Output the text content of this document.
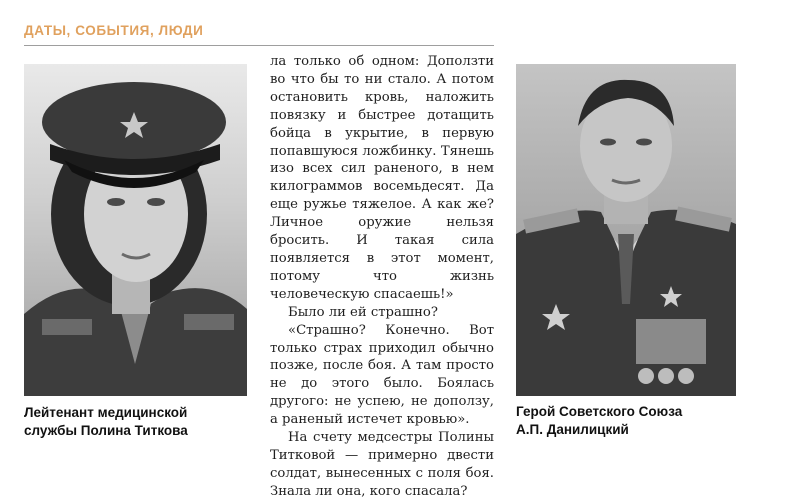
ДАТЫ, СОБЫТИЯ, ЛЮДИ
Лейтенант медицинской
службы Полина Титкова
Герой Советского Союза
А.П. Данилицкий

ла только об одном: Доползти во что бы то ни стало. А потом остановить кровь, наложить повязку и быстрее дотащить бойца в укрытие, в первую попавшуюся ложбинку. Тянешь изо всех сил раненого, в нем килограммов восемьдесят. Да еще ружье тяжелое. А как же? Личное оружие нельзя бросить. И такая сила появляется в этот момент, потому что жизнь человеческую спасаешь!»

Было ли ей страшно?

«Страшно? Конечно. Вот только страх приходил обычно позже, после боя. А там просто не до этого было. Боялась другого: не успею, не доползу, а раненый истечет кровью».

На счету медсестры Полины Титковой — примерно двести солдат, вынесенных с поля боя. Знала ли она, кого спасала?
